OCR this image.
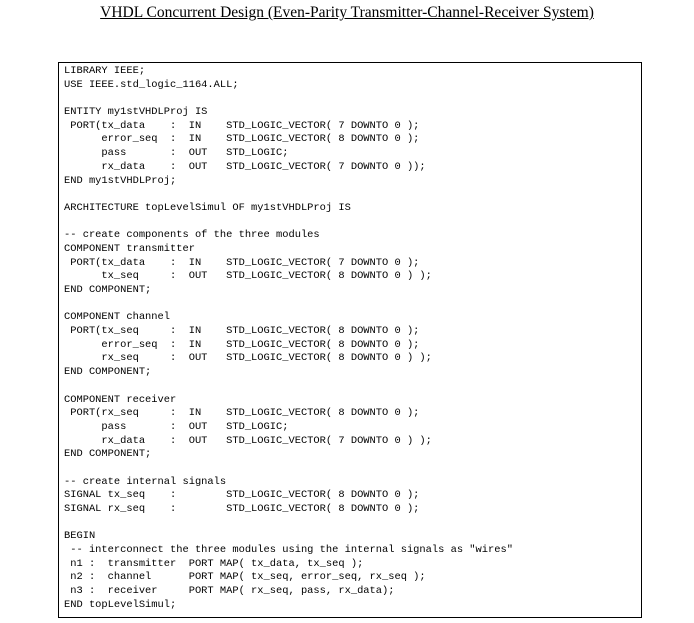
VHDL Concurrent Design (Even-Parity Transmitter-Channel-Receiver System)
LIBRARY IEEE;
USE IEEE.std_logic_1164.ALL;
ENTITY my1stVHDLProj IS
PORT(tx_data    :  IN    STD_LOGIC_VECTOR( 7 DOWNTO 0 );
error_seq  :  IN    STD_LOGIC_VECTOR( 8 DOWNTO 0 );
pass       :  OUT   STD_LOGIC;
rx_data    :  OUT   STD_LOGIC_VECTOR( 7 DOWNTO 0 ));
END my1stVHDLProj;
ARCHITECTURE topLevelSimul OF my1stVHDLProj IS
-- create components of the three modules
COMPONENT transmitter
PORT(tx_data    :  IN    STD_LOGIC_VECTOR( 7 DOWNTO 0 );
tx_seq     :  OUT   STD_LOGIC_VECTOR( 8 DOWNTO 0 ) );
END COMPONENT;
COMPONENT channel
PORT(tx_seq     :  IN    STD_LOGIC_VECTOR( 8 DOWNTO 0 );
error_seq  :  IN    STD_LOGIC_VECTOR( 8 DOWNTO 0 );
rx_seq     :  OUT   STD_LOGIC_VECTOR( 8 DOWNTO 0 ) );
END COMPONENT;
COMPONENT receiver
PORT(rx_seq     :  IN    STD_LOGIC_VECTOR( 8 DOWNTO 0 );
pass       :  OUT   STD_LOGIC;
rx_data    :  OUT   STD_LOGIC_VECTOR( 7 DOWNTO 0 ) );
END COMPONENT;
-- create internal signals
SIGNAL tx_seq    :        STD_LOGIC_VECTOR( 8 DOWNTO 0 );
SIGNAL rx_seq    :        STD_LOGIC_VECTOR( 8 DOWNTO 0 );
BEGIN
-- interconnect the three modules using the internal signals as "wires"
n1 :  transmitter  PORT MAP( tx_data, tx_seq );
n2 :  channel      PORT MAP( tx_seq, error_seq, rx_seq );
n3 :  receiver     PORT MAP( rx_seq, pass, rx_data);
END topLevelSimul;
